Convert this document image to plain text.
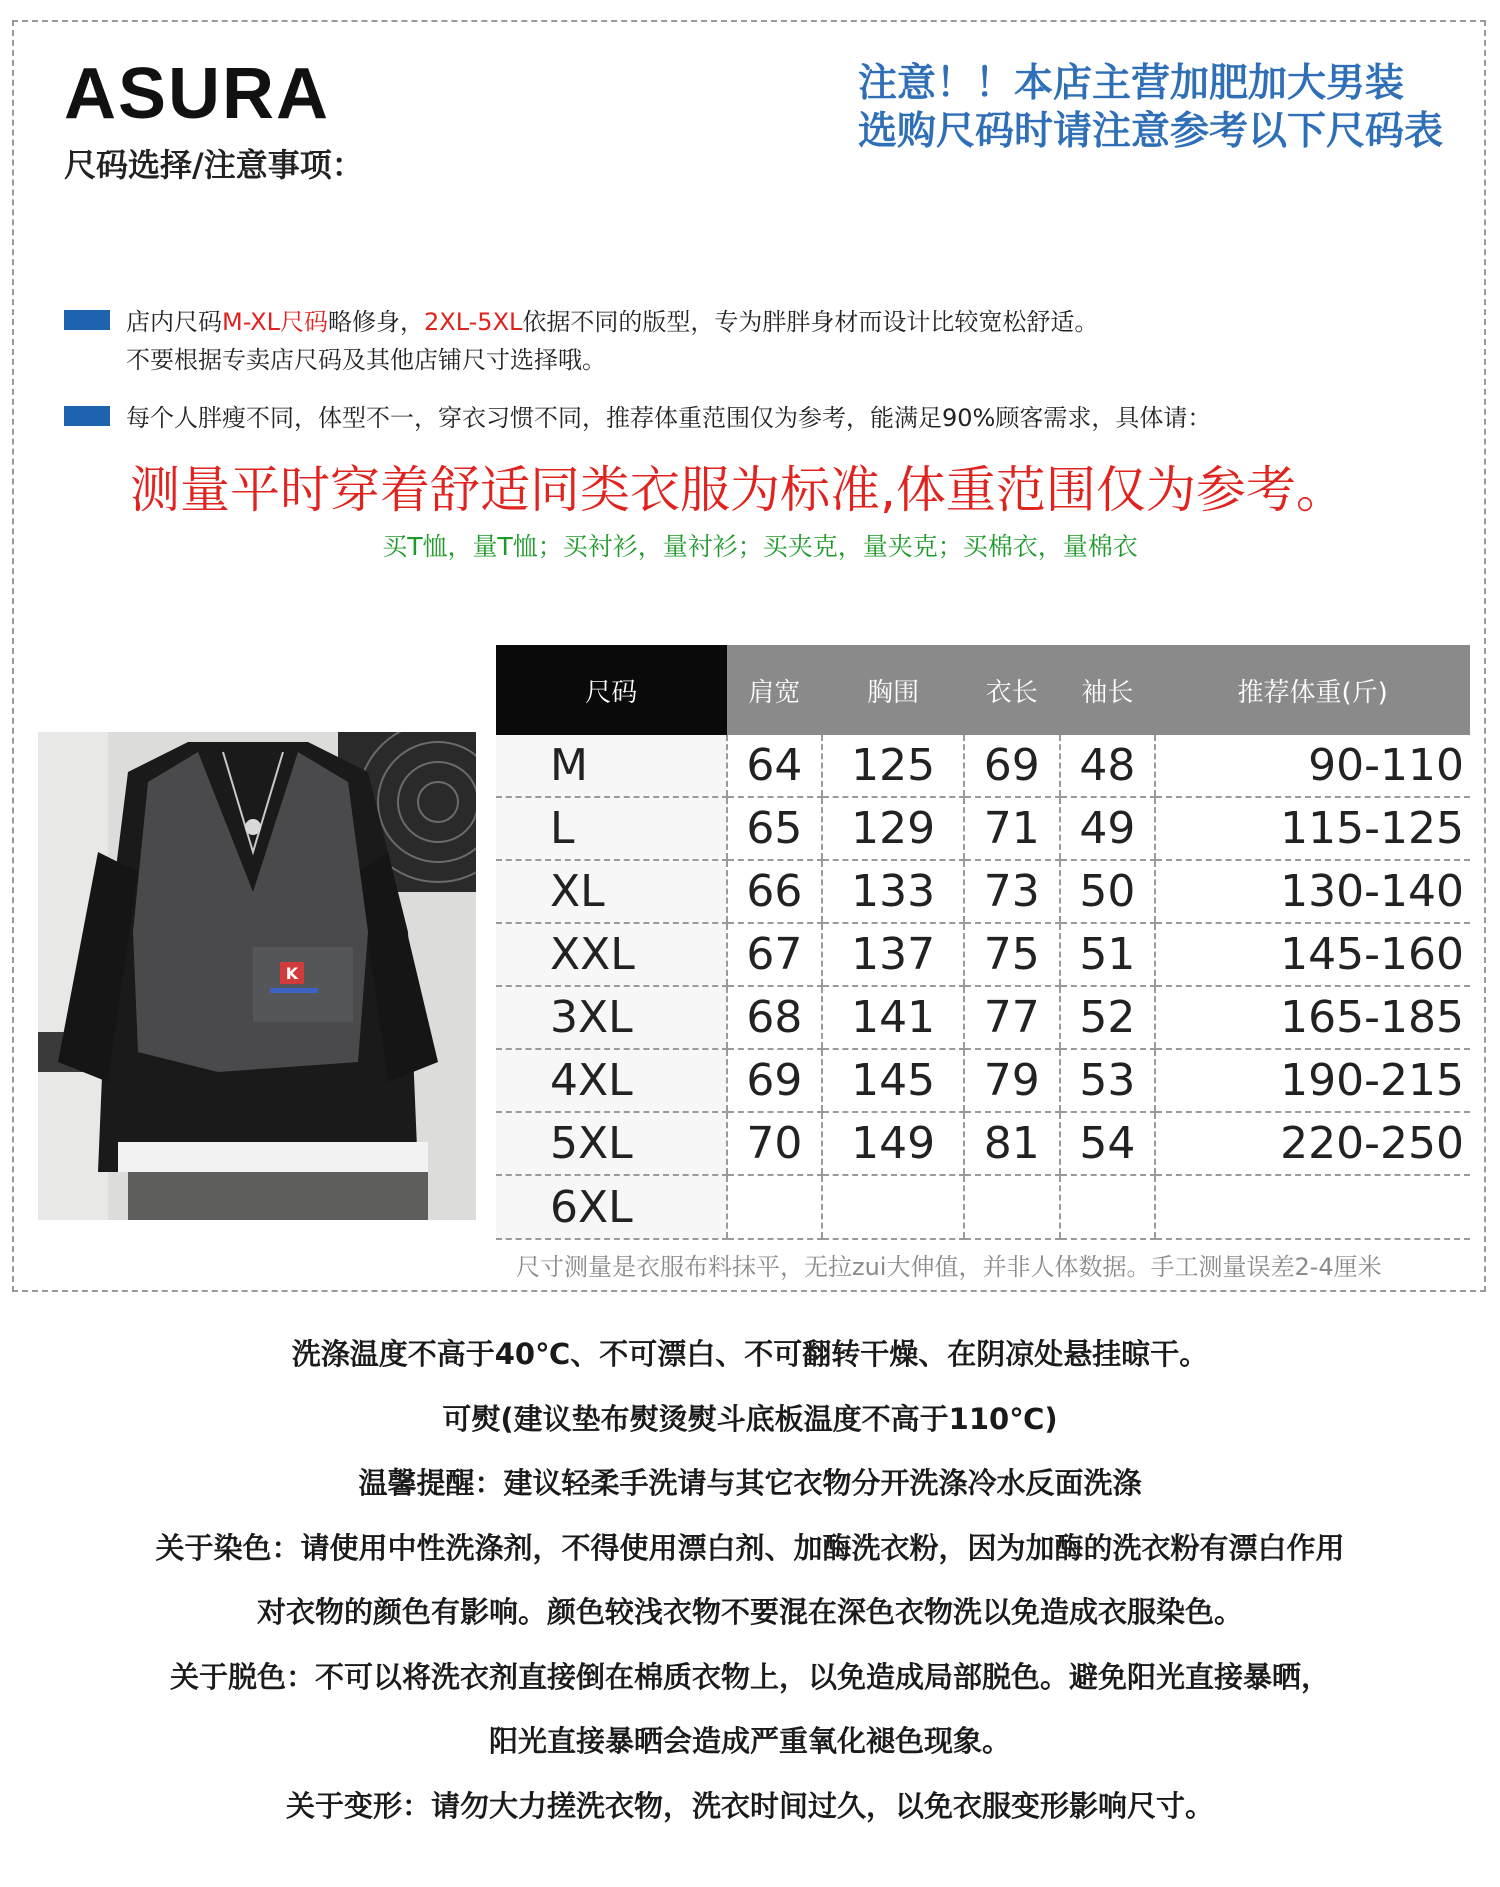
ASURA
尺码选择/注意事项：
注意！！本店主营加肥加大男装
选购尺码时请注意参考以下尺码表
店内尺码M-XL尺码略修身，2XL-5XL依据不同的版型，专为胖胖身材而设计比较宽松舒适。
不要根据专卖店尺码及其他店铺尺寸选择哦。
每个人胖瘦不同，体型不一，穿衣习惯不同，推荐体重范围仅为参考，能满足90%顾客需求，具体请：
测量平时穿着舒适同类衣服为标准,体重范围仅为参考。
买T恤，量T恤；买衬衫，量衬衫；买夹克，量夹克；买棉衣，量棉衣
K
尺码	肩宽	胸围	衣长	袖长	推荐体重(斤)
M	64	125	69	48	90-110
L	65	129	71	49	115-125
XL	66	133	73	50	130-140
XXL	67	137	75	51	145-160
3XL	68	141	77	52	165-185
4XL	69	145	79	53	190-215
5XL	70	149	81	54	220-250
6XL					
尺寸测量是衣服布料抹平，无拉zui大伸值，并非人体数据。手工测量误差2-4厘米
洗涤温度不高于40℃、不可漂白、不可翻转干燥、在阴凉处悬挂晾干。
可熨(建议垫布熨烫熨斗底板温度不高于110℃)
温馨提醒：建议轻柔手洗请与其它衣物分开洗涤冷水反面洗涤
关于染色：请使用中性洗涤剂，不得使用漂白剂、加酶洗衣粉，因为加酶的洗衣粉有漂白作用
对衣物的颜色有影响。颜色较浅衣物不要混在深色衣物洗以免造成衣服染色。
关于脱色：不可以将洗衣剂直接倒在棉质衣物上，以免造成局部脱色。避免阳光直接暴晒，
阳光直接暴晒会造成严重氧化褪色现象。
关于变形：请勿大力搓洗衣物，洗衣时间过久，以免衣服变形影响尺寸。
